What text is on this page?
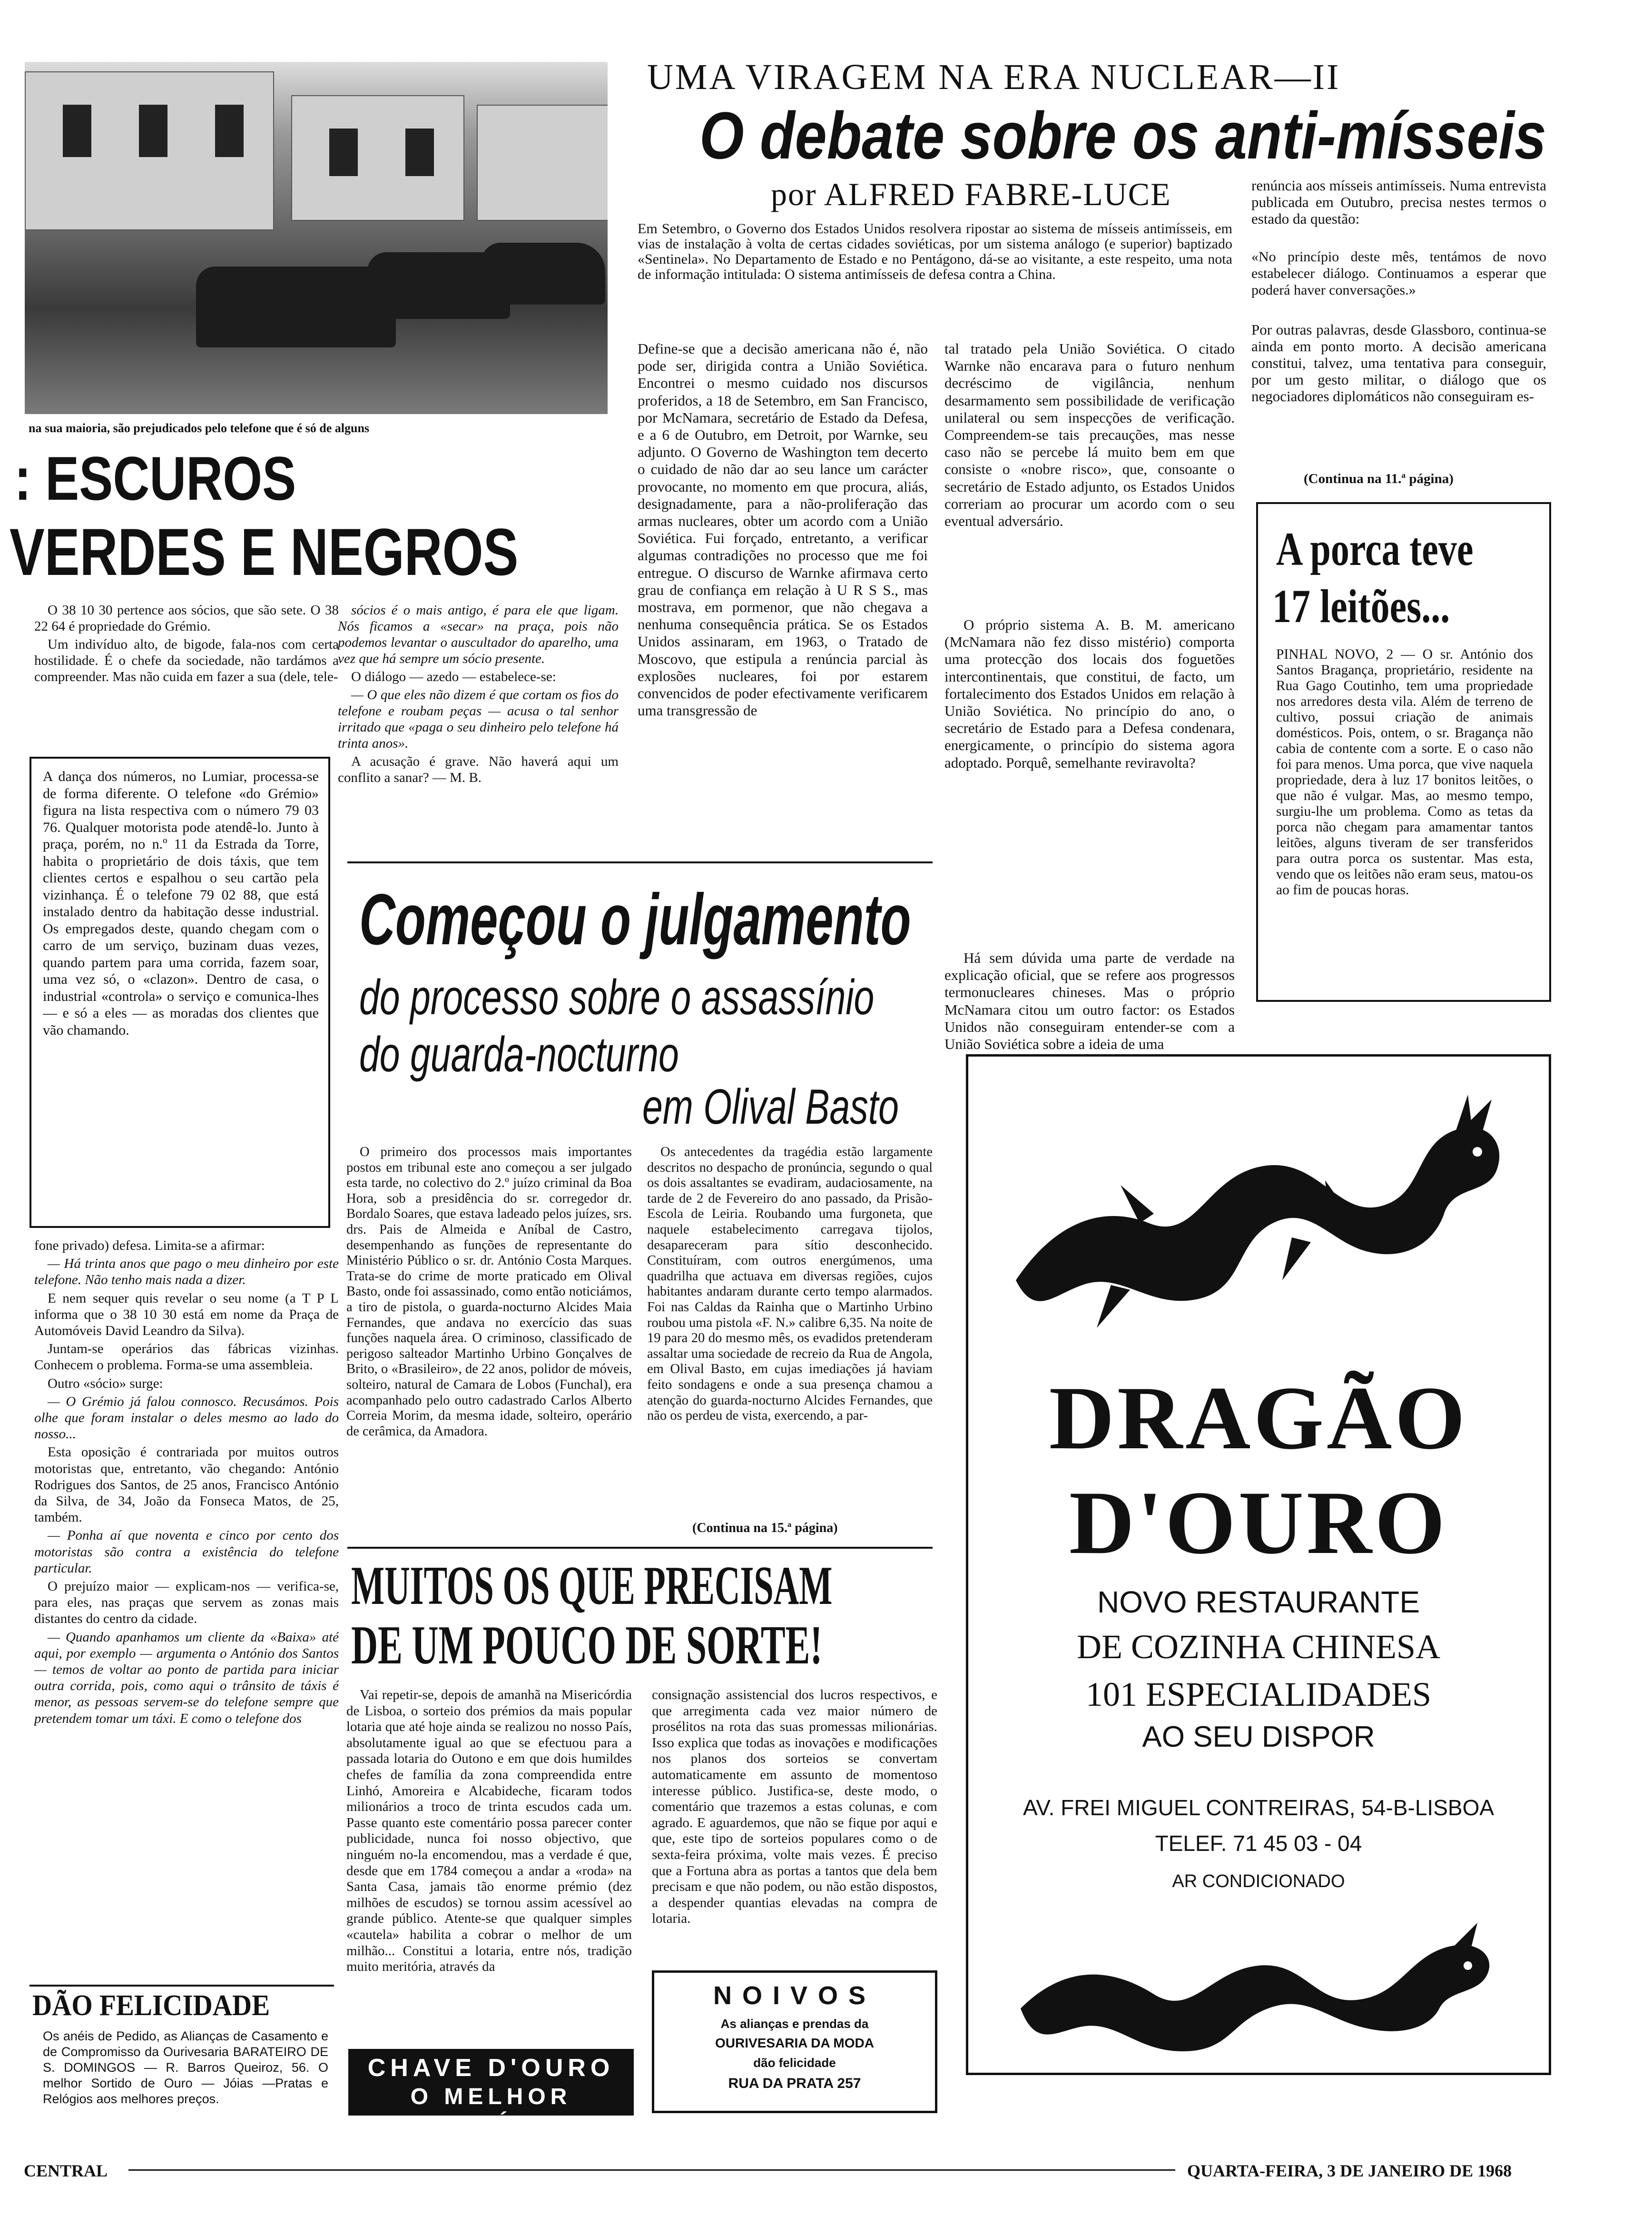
na sua maioria, são prejudicados pelo telefone que é só de alguns
: ESCUROS
VERDES E NEGROS

O 38 10 30 pertence aos sócios, que são sete. O 38 22 64 é propriedade do Grémio.

Um indivíduo alto, de bigode, fala-nos com certa hostilidade. É o chefe da sociedade, não tardámos a compreender. Mas não cuida em fazer a sua (dele, tele-

sócios é o mais antigo, é para ele que ligam. Nós ficamos a «secar» na praça, pois não podemos levantar o auscultador do aparelho, uma vez que há sempre um sócio presente.

O diálogo — azedo — estabelece-se:

— O que eles não dizem é que cortam os fios do telefone e roubam peças — acusa o tal senhor irritado que «paga o seu dinheiro pelo telefone há trinta anos».

A acusação é grave. Não haverá aqui um conflito a sanar? — M. B.

A dança dos números, no Lumiar, processa-se de forma diferente. O telefone «do Grémio» figura na lista respectiva com o número 79 03 76. Qualquer motorista pode atendê-lo. Junto à praça, porém, no n.º 11 da Estrada da Torre, habita o proprietário de dois táxis, que tem clientes certos e espalhou o seu cartão pela vizinhança. É o telefone 79 02 88, que está instalado dentro da habitação desse industrial. Os empregados deste, quando chegam com o carro de um serviço, buzinam duas vezes, quando partem para uma corrida, fazem soar, uma vez só, o «clazon». Dentro de casa, o industrial «controla» o serviço e comunica-lhes — e só a eles — as moradas dos clientes que vão chamando.

fone privado) defesa. Limita-se a afirmar:

— Há trinta anos que pago o meu dinheiro por este telefone. Não tenho mais nada a dizer.

E nem sequer quis revelar o seu nome (a T P L informa que o 38 10 30 está em nome da Praça de Automóveis David Leandro da Silva).

Juntam-se operários das fábricas vizinhas. Conhecem o problema. Forma-se uma assembleia.

Outro «sócio» surge:

— O Grémio já falou connosco. Recusámos. Pois olhe que foram instalar o deles mesmo ao lado do nosso...

Esta oposição é contrariada por muitos outros motoristas que, entretanto, vão chegando: António Rodrigues dos Santos, de 25 anos, Francisco António da Silva, de 34, João da Fonseca Matos, de 25, também.

— Ponha aí que noventa e cinco por cento dos motoristas são contra a existência do telefone particular.

O prejuízo maior — explicam-nos — verifica-se, para eles, nas praças que servem as zonas mais distantes do centro da cidade.

— Quando apanhamos um cliente da «Baixa» até aqui, por exemplo — argumenta o António dos Santos — temos de voltar ao ponto de partida para iniciar outra corrida, pois, como aqui o trânsito de táxis é menor, as pessoas servem-se do telefone sempre que pretendem tomar um táxi. E como o telefone dos

DÃO FELICIDADE
Os anéis de Pedido, as Alianças de Casamento e de Compromisso da Ourivesaria BARATEIRO DE S. DOMINGOS — R. Barros Queiroz, 56. O melhor Sortido de Ouro — Jóias —Pratas e Relógios aos melhores preços.
UMA VIRAGEM NA ERA NUCLEAR—II
O debate sobre os anti-mísseis
por ALFRED FABRE-LUCE
Em Setembro, o Governo dos Estados Unidos resolvera ripostar ao sistema de mísseis antimísseis, em vias de instalação à volta de certas cidades soviéticas, por um sistema análogo (e superior) baptizado «Sentinela». No Departamento de Estado e no Pentágono, dá-se ao visitante, a este respeito, uma nota de informação intitulada: O sistema antimísseis de defesa contra a China.
Define-se que a decisão americana não é, não pode ser, dirigida contra a União Soviética. Encontrei o mesmo cuidado nos discursos proferidos, a 18 de Setembro, em San Francisco, por McNamara, secretário de Estado da Defesa, e a 6 de Outubro, em Detroit, por Warnke, seu adjunto. O Governo de Washington tem decerto o cuidado de não dar ao seu lance um carácter provocante, no momento em que procura, aliás, designadamente, para a não-proliferação das armas nucleares, obter um acordo com a União Soviética. Fui forçado, entretanto, a verificar algumas contradições no processo que me foi entregue. O discurso de Warnke afirmava certo grau de confiança em relação à U R S S., mas mostrava, em pormenor, que não chegava a nenhuma consequência prática. Se os Estados Unidos assinaram, em 1963, o Tratado de Moscovo, que estipula a renúncia parcial às explosões nucleares, foi por estarem convencidos de poder efectivamente verificarem uma transgressão de
tal tratado pela União Soviética. O citado Warnke não encarava para o futuro nenhum decréscimo de vigilância, nenhum desarmamento sem possibilidade de verificação unilateral ou sem inspecções de verificação. Compreendem-se tais precauções, mas nesse caso não se percebe lá muito bem em que consiste o «nobre risco», que, consoante o secretário de Estado adjunto, os Estados Unidos correriam ao procurar um acordo com o seu eventual adversário.
O próprio sistema A. B. M. americano (McNamara não fez disso mistério) comporta uma protecção dos locais dos foguetões intercontinentais, que constitui, de facto, um fortalecimento dos Estados Unidos em relação à União Soviética. No princípio do ano, o secretário de Estado para a Defesa condenara, energicamente, o princípio do sistema agora adoptado. Porquê, semelhante reviravolta?
Há sem dúvida uma parte de verdade na explicação oficial, que se refere aos progressos termonucleares chineses. Mas o próprio McNamara citou um outro factor: os Estados Unidos não conseguiram entender-se com a União Soviética sobre a ideia de uma
renúncia aos mísseis antimísseis. Numa entrevista publicada em Outubro, precisa nestes termos o estado da questão:
«No princípio deste mês, tentámos de novo estabelecer diálogo. Continuamos a esperar que poderá haver conversações.»
Por outras palavras, desde Glassboro, continua-se ainda em ponto morto. A decisão americana constitui, talvez, uma tentativa para conseguir, por um gesto militar, o diálogo que os negociadores diplomáticos não conseguiram es-
(Continua na 11.ª página)
A porca teve
17 leitões...
PINHAL NOVO, 2 — O sr. António dos Santos Bragança, proprietário, residente na Rua Gago Coutinho, tem uma propriedade nos arredores desta vila. Além de terreno de cultivo, possui criação de animais domésticos. Pois, ontem, o sr. Bragança não cabia de contente com a sorte. E o caso não foi para menos. Uma porca, que vive naquela propriedade, dera à luz 17 bonitos leitões, o que não é vulgar. Mas, ao mesmo tempo, surgiu-lhe um problema. Como as tetas da porca não chegam para amamentar tantos leitões, alguns tiveram de ser transferidos para outra porca os sustentar. Mas esta, vendo que os leitões não eram seus, matou-os ao fim de poucas horas.
Começou o julgamento
do processo sobre o assassínio
do guarda-nocturno
em Olival Basto
O primeiro dos processos mais importantes postos em tribunal este ano começou a ser julgado esta tarde, no colectivo do 2.º juízo criminal da Boa Hora, sob a presidência do sr. corregedor dr. Bordalo Soares, que estava ladeado pelos juízes, srs. drs. Pais de Almeida e Aníbal de Castro, desempenhando as funções de representante do Ministério Público o sr. dr. António Costa Marques. Trata-se do crime de morte praticado em Olival Basto, onde foi assassinado, como então noticiámos, a tiro de pistola, o guarda-nocturno Alcides Maia Fernandes, que andava no exercício das suas funções naquela área. O criminoso, classificado de perigoso salteador Martinho Urbino Gonçalves de Brito, o «Brasileiro», de 22 anos, polidor de móveis, solteiro, natural de Camara de Lobos (Funchal), era acompanhado pelo outro cadastrado Carlos Alberto Correia Morim, da mesma idade, solteiro, operário de cerâmica, da Amadora.
Os antecedentes da tragédia estão largamente descritos no despacho de pronúncia, segundo o qual os dois assaltantes se evadiram, audaciosamente, na tarde de 2 de Fevereiro do ano passado, da Prisão-Escola de Leiria. Roubando uma furgoneta, que naquele estabelecimento carregava tijolos, desapareceram para sítio desconhecido. Constituíram, com outros energúmenos, uma quadrilha que actuava em diversas regiões, cujos habitantes andaram durante certo tempo alarmados. Foi nas Caldas da Rainha que o Martinho Urbino roubou uma pistola «F. N.» calibre 6,35. Na noite de 19 para 20 do mesmo mês, os evadidos pretenderam assaltar uma sociedade de recreio da Rua de Angola, em Olival Basto, em cujas imediações já haviam feito sondagens e onde a sua presença chamou a atenção do guarda-nocturno Alcides Fernandes, que não os perdeu de vista, exercendo, a par-
(Continua na 15.ª página)
MUITOS OS QUE PRECISAM
DE UM POUCO DE SORTE!
Vai repetir-se, depois de amanhã na Misericórdia de Lisboa, o sorteio dos prémios da mais popular lotaria que até hoje ainda se realizou no nosso País, absolutamente igual ao que se efectuou para a passada lotaria do Outono e em que dois humildes chefes de família da zona compreendida entre Linhó, Amoreira e Alcabideche, ficaram todos milionários a troco de trinta escudos cada um. Passe quanto este comentário possa parecer conter publicidade, nunca foi nosso objectivo, que ninguém no-la encomendou, mas a verdade é que, desde que em 1784 começou a andar a «roda» na Santa Casa, jamais tão enorme prémio (dez milhões de escudos) se tornou assim acessível ao grande público. Atente-se que qualquer simples «cautela» habilita a cobrar o melhor de um milhão... Constitui a lotaria, entre nós, tradição muito meritória, através da
consignação assistencial dos lucros respectivos, e que arregimenta cada vez maior número de prosélitos na rota das suas promessas milionárias. Isso explica que todas as inovações e modificações nos planos dos sorteios se convertam automaticamente em assunto de momentoso interesse público. Justifica-se, deste modo, o comentário que trazemos a estas colunas, e com agrado. E aguardemos, que não se fique por aqui e que, este tipo de sorteios populares como o de sexta-feira próxima, volte mais vezes. É preciso que a Fortuna abra as portas a tantos que dela bem precisam e que não podem, ou não estão dispostos, a despender quantias elevadas na compra de lotaria.
CHAVE D'OURO
O MELHOR CAFÉ...
NOIVOS
As alianças e prendas da
OURIVESARIA DA MODA
dão felicidade
RUA DA PRATA 257
DRAGÃO
D'OURO
NOVO RESTAURANTE
DE COZINHA CHINESA
101 ESPECIALIDADES
AO SEU DISPOR
AV. FREI MIGUEL CONTREIRAS, 54-B-LISBOA
TELEF. 71 45 03 - 04
AR CONDICIONADO
CENTRAL	QUARTA-FEIRA, 3 DE JANEIRO DE 1968
